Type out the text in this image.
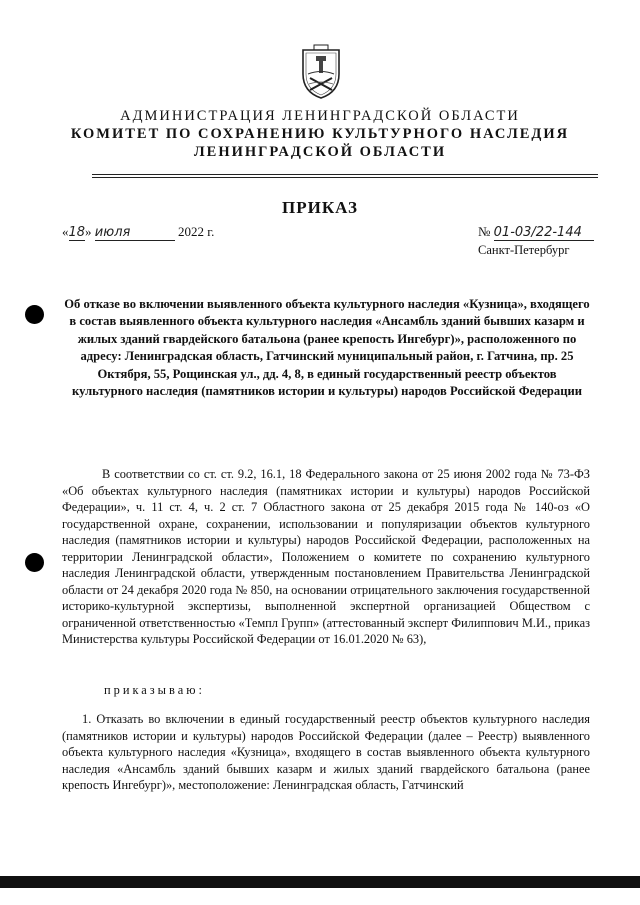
АДМИНИСТРАЦИЯ ЛЕНИНГРАДСКОЙ ОБЛАСТИ
КОМИТЕТ ПО СОХРАНЕНИЮ КУЛЬТУРНОГО НАСЛЕДИЯ
ЛЕНИНГРАДСКОЙ ОБЛАСТИ
ПРИКАЗ
«18» июля	2022 г.	№ 01-03/22-144
Санкт-Петербург

Об отказе во включении выявленного объекта культурного наследия «Кузница», входящего в состав выявленного объекта культурного наследия «Ансамбль зданий бывших казарм и жилых зданий гвардейского батальона (ранее крепость Ингебург)», расположенного по адресу: Ленинградская область, Гатчинский муниципальный район, г. Гатчина, пр. 25 Октября, 55, Рощинская ул., дд. 4, 8, в единый государственный реестр объектов культурного наследия (памятников истории и культуры) народов Российской Федерации

В соответствии со ст. ст. 9.2, 16.1, 18 Федерального закона от 25 июня 2002 года № 73-ФЗ «Об объектах культурного наследия (памятниках истории и культуры) народов Российской Федерации», ч. 11 ст. 4, ч. 2 ст. 7 Областного закона от 25 декабря 2015 года № 140-оз «О государственной охране, сохранении, использовании и популяризации объектов культурного наследия (памятников истории и культуры) народов Российской Федерации, расположенных на территории Ленинградской области», Положением о комитете по сохранению культурного наследия Ленинградской области, утвержденным постановлением Правительства Ленинградской области от 24 декабря 2020 года № 850, на основании отрицательного заключения государственной историко-культурной экспертизы, выполненной экспертной организацией Обществом с ограниченной ответственностью «Темпл Групп» (аттестованный эксперт Филиппович М.И., приказ Министерства культуры Российской Федерации от 16.01.2020 № 63),

приказываю:

1. Отказать во включении в единый государственный реестр объектов культурного наследия (памятников истории и культуры) народов Российской Федерации (далее – Реестр) выявленного объекта культурного наследия «Кузница», входящего в состав выявленного объекта культурного наследия «Ансамбль зданий бывших казарм и жилых зданий гвардейского батальона (ранее крепость Ингебург)», местоположение: Ленинградская область, Гатчинский
